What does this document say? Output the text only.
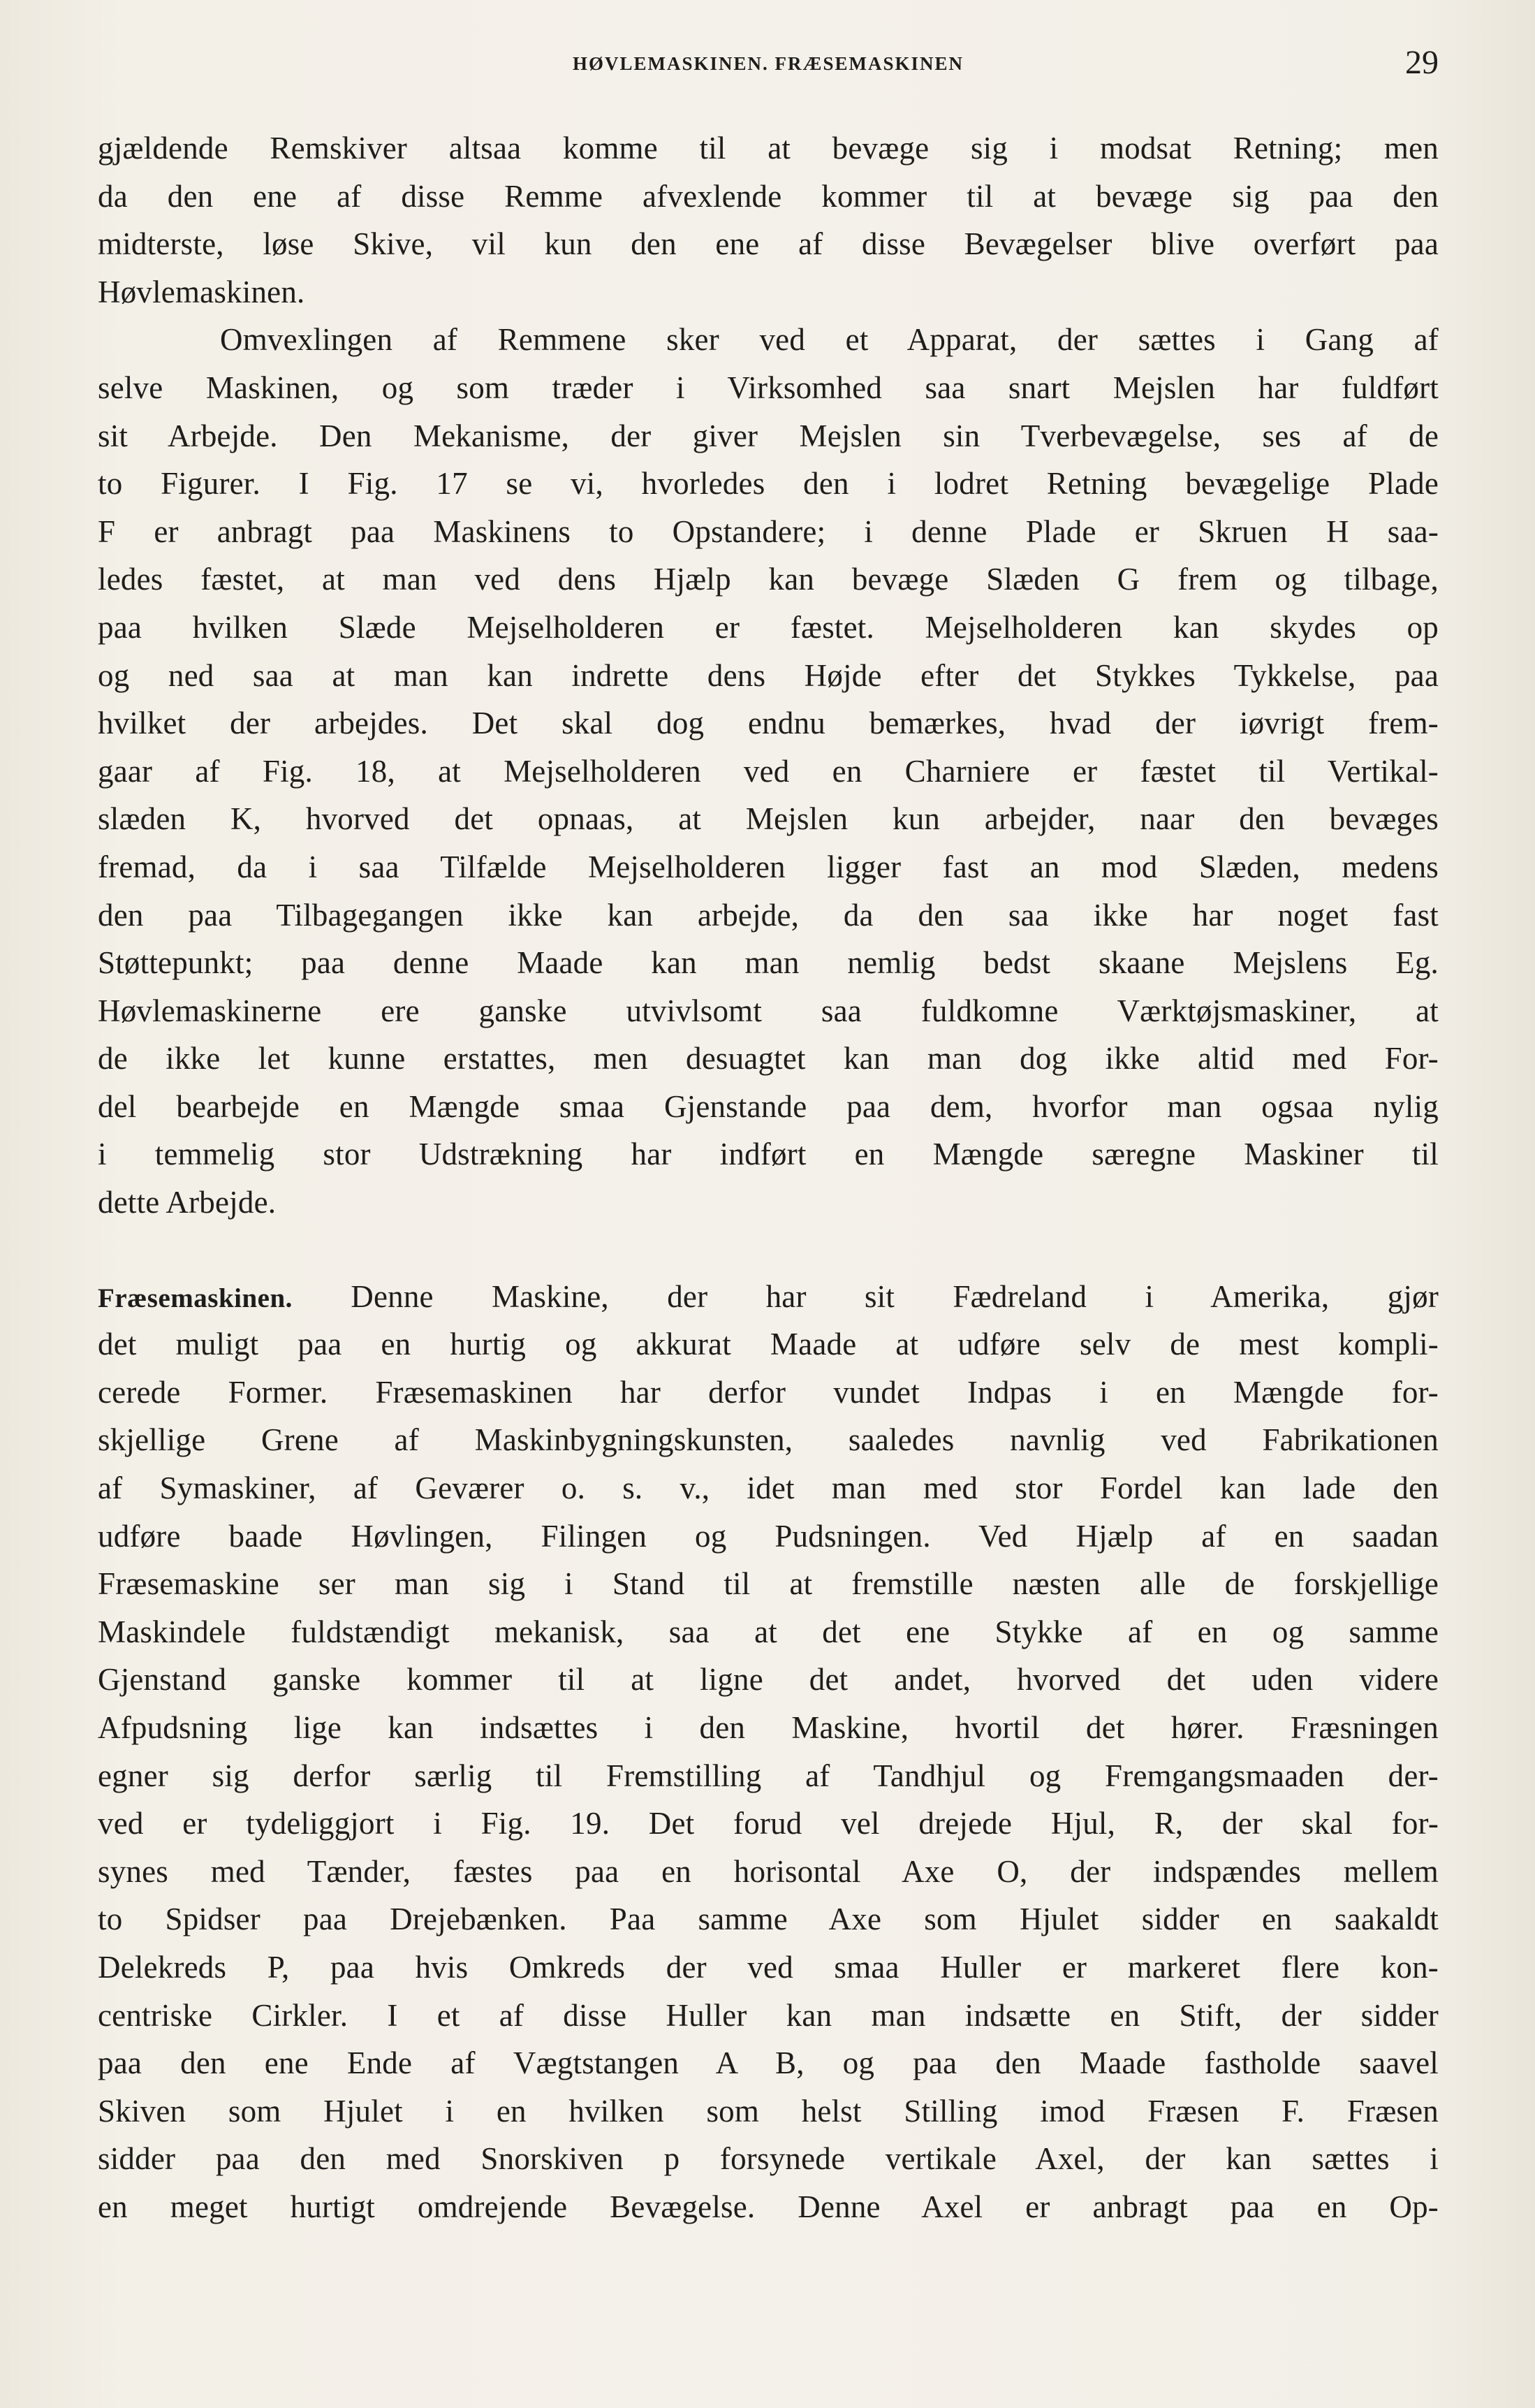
HØVLEMASKINEN. FRÆSEMASKINEN	29
gjældende Remskiver altsaa komme til at bevæge sig i modsat Retning; men
da den ene af disse Remme afvexlende kommer til at bevæge sig paa den
midterste, løse Skive, vil kun den ene af disse Bevægelser blive overført paa
Høvlemaskinen.
Omvexlingen af Remmene sker ved et Apparat, der sættes i Gang af
selve Maskinen, og som træder i Virksomhed saa snart Mejslen har fuldført
sit Arbejde. Den Mekanisme, der giver Mejslen sin Tverbevægelse, ses af de
to Figurer. I Fig. 17 se vi, hvorledes den i lodret Retning bevægelige Plade
F er anbragt paa Maskinens to Opstandere; i denne Plade er Skruen H saa-
ledes fæstet, at man ved dens Hjælp kan bevæge Slæden G frem og tilbage,
paa hvilken Slæde Mejselholderen er fæstet. Mejselholderen kan skydes op
og ned saa at man kan indrette dens Højde efter det Stykkes Tykkelse, paa
hvilket der arbejdes. Det skal dog endnu bemærkes, hvad der iøvrigt frem-
gaar af Fig. 18, at Mejselholderen ved en Charniere er fæstet til Vertikal-
slæden K, hvorved det opnaas, at Mejslen kun arbejder, naar den bevæges
fremad, da i saa Tilfælde Mejselholderen ligger fast an mod Slæden, medens
den paa Tilbagegangen ikke kan arbejde, da den saa ikke har noget fast
Støttepunkt; paa denne Maade kan man nemlig bedst skaane Mejslens Eg.
Høvlemaskinerne ere ganske utvivlsomt saa fuldkomne Værktøjsmaskiner, at
de ikke let kunne erstattes, men desuagtet kan man dog ikke altid med For-
del bearbejde en Mængde smaa Gjenstande paa dem, hvorfor man ogsaa nylig
i temmelig stor Udstrækning har indført en Mængde særegne Maskiner til
dette Arbejde.
Fræsemaskinen. Denne Maskine, der har sit Fædreland i Amerika, gjør
det muligt paa en hurtig og akkurat Maade at udføre selv de mest kompli-
cerede Former. Fræsemaskinen har derfor vundet Indpas i en Mængde for-
skjellige Grene af Maskinbygningskunsten, saaledes navnlig ved Fabrikationen
af Symaskiner, af Geværer o. s. v., idet man med stor Fordel kan lade den
udføre baade Høvlingen, Filingen og Pudsningen. Ved Hjælp af en saadan
Fræsemaskine ser man sig i Stand til at fremstille næsten alle de forskjellige
Maskindele fuldstændigt mekanisk, saa at det ene Stykke af en og samme
Gjenstand ganske kommer til at ligne det andet, hvorved det uden videre
Afpudsning lige kan indsættes i den Maskine, hvortil det hører. Fræsningen
egner sig derfor særlig til Fremstilling af Tandhjul og Fremgangsmaaden der-
ved er tydeliggjort i Fig. 19. Det forud vel drejede Hjul, R, der skal for-
synes med Tænder, fæstes paa en horisontal Axe O, der indspændes mellem
to Spidser paa Drejebænken. Paa samme Axe som Hjulet sidder en saakaldt
Delekreds P, paa hvis Omkreds der ved smaa Huller er markeret flere kon-
centriske Cirkler. I et af disse Huller kan man indsætte en Stift, der sidder
paa den ene Ende af Vægtstangen A B, og paa den Maade fastholde saavel
Skiven som Hjulet i en hvilken som helst Stilling imod Fræsen F. Fræsen
sidder paa den med Snorskiven p forsynede vertikale Axel, der kan sættes i
en meget hurtigt omdrejende Bevægelse. Denne Axel er anbragt paa en Op-
